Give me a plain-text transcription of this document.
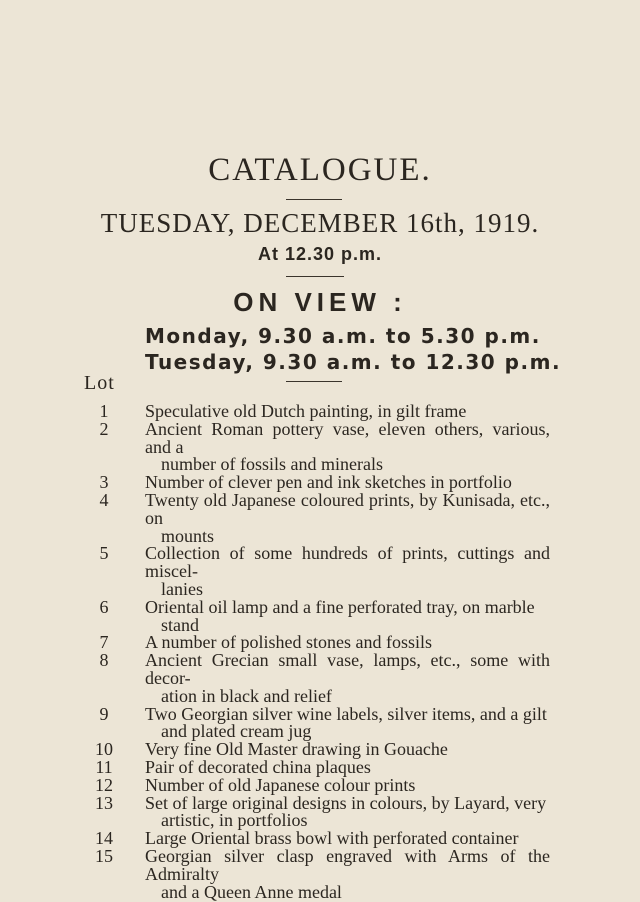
CATALOGUE.
TUESDAY, DECEMBER 16th, 1919.
At 12.30 p.m.
ON VIEW :
Monday, 9.30 a.m. to 5.30 p.m.
Tuesday, 9.30 a.m. to 12.30 p.m.
Lot
1	Speculative old Dutch painting, in gilt frame
2	Ancient Roman pottery vase, eleven others, various, and a
number of fossils and minerals
3	Number of clever pen and ink sketches in portfolio
4	Twenty old Japanese coloured prints, by Kunisada, etc., on
mounts
5	Collection of some hundreds of prints, cuttings and miscel-
lanies
6	Oriental oil lamp and a fine perforated tray, on marble
stand
7	A number of polished stones and fossils
8	Ancient Grecian small vase, lamps, etc., some with decor-
ation in black and relief
9	Two Georgian silver wine labels, silver items, and a gilt
and plated cream jug
10	Very fine Old Master drawing in Gouache
11	Pair of decorated china plaques
12	Number of old Japanese colour prints
13	Set of large original designs in colours, by Layard, very
artistic, in portfolios
14	Large Oriental brass bowl with perforated container
15	Georgian silver clasp engraved with Arms of the Admiralty
and a Queen Anne medal
